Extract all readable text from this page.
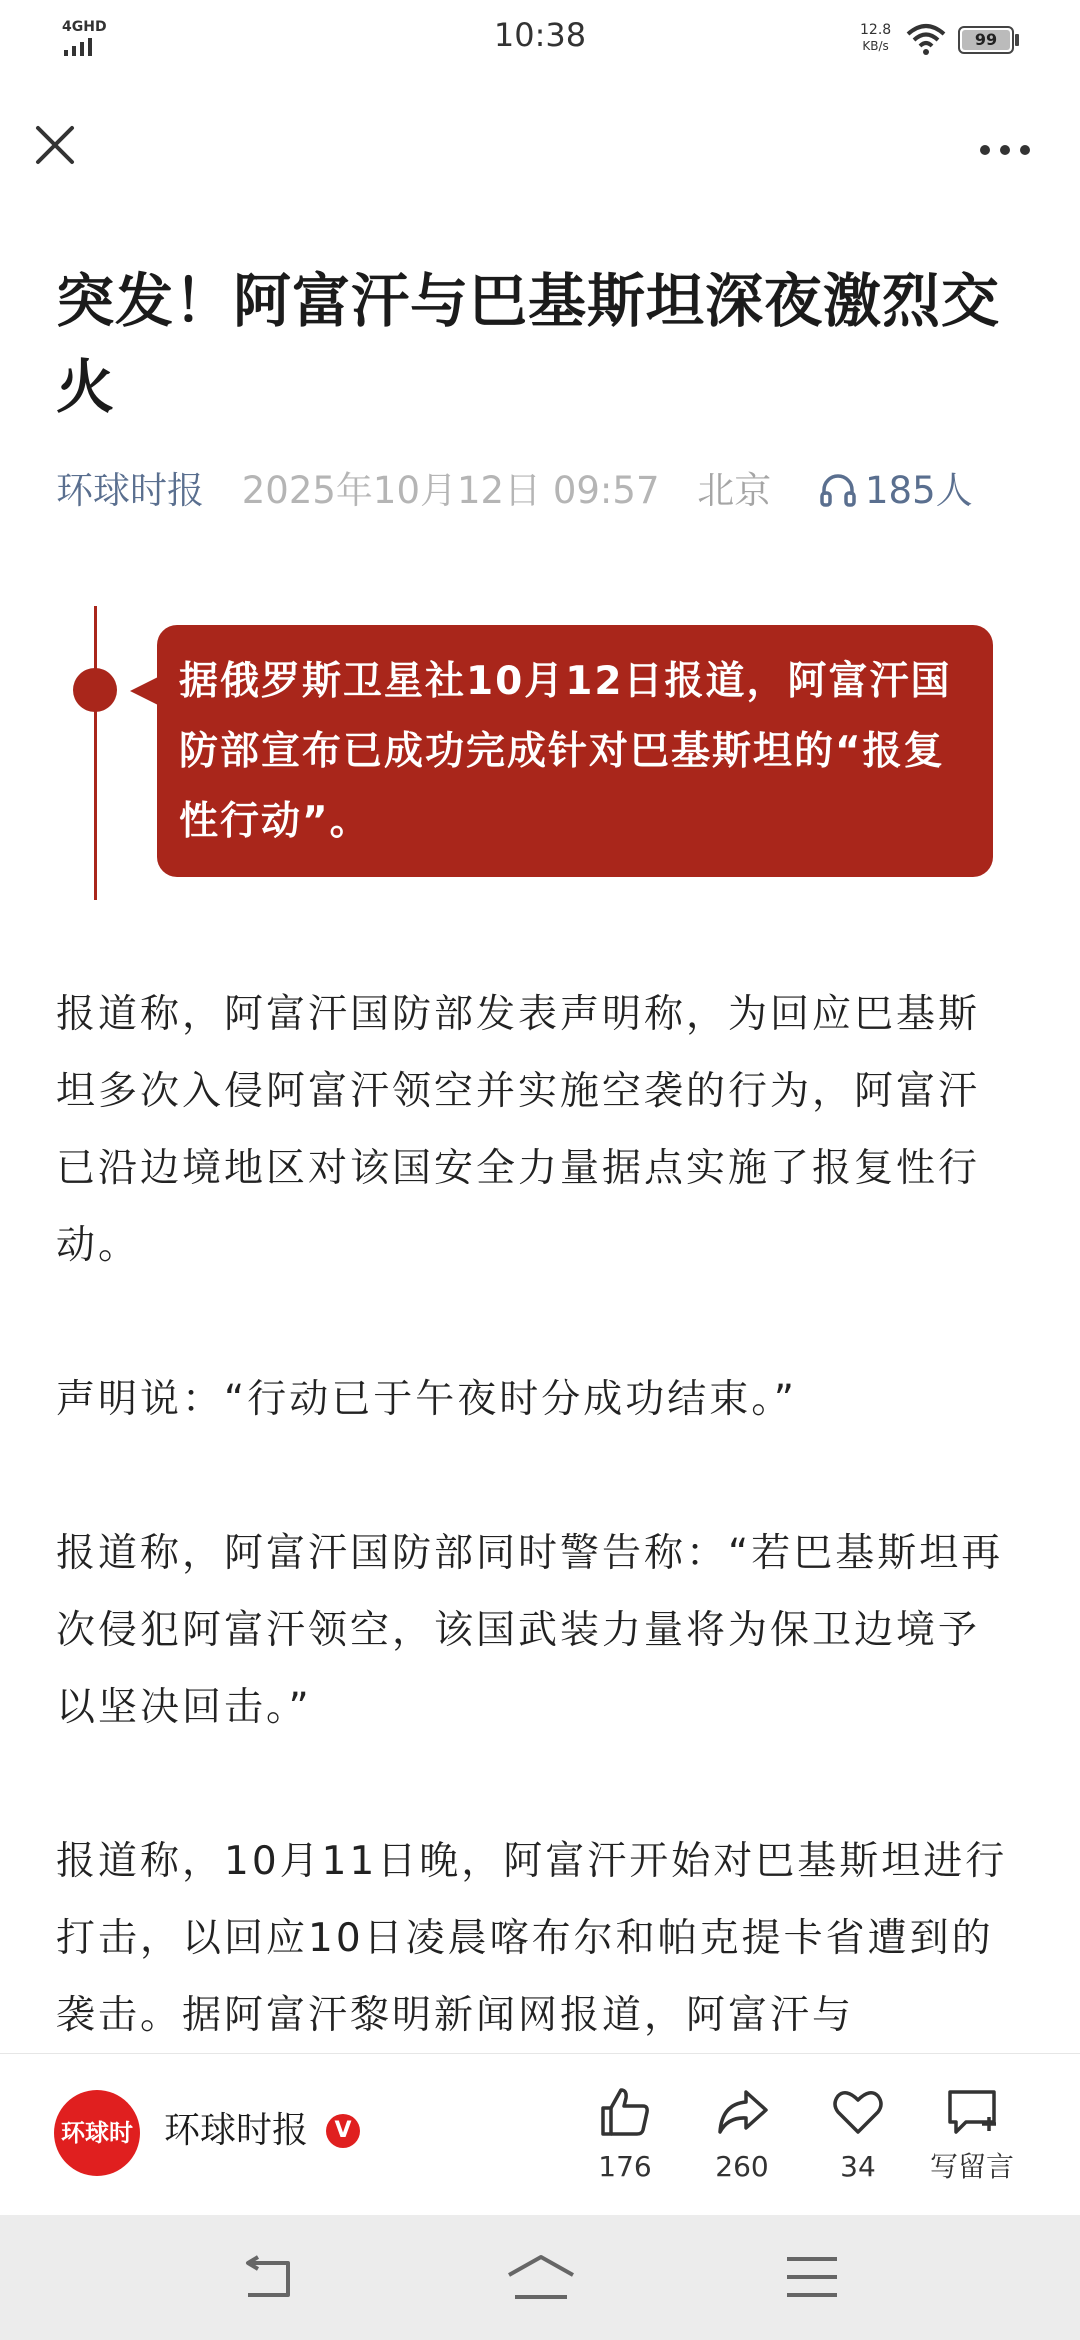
4GHD	10:38	12.8
KB/s	99
突发！阿富汗与巴基斯坦深夜激烈交火
环球时报 2025年10月12日 09:57 北京	185人
据俄罗斯卫星社10月12日报道，阿富汗国防部宣布已成功完成针对巴基斯坦的“报复性行动”。

报道称，阿富汗国防部发表声明称，为回应巴基斯坦多次入侵阿富汗领空并实施空袭的行为，阿富汗已沿边境地区对该国安全力量据点实施了报复性行动。

声明说：“行动已于午夜时分成功结束。”

报道称，阿富汗国防部同时警告称：“若巴基斯坦再次侵犯阿富汗领空，该国武装力量将为保卫边境予以坚决回击。”

报道称，10月11日晚，阿富汗开始对巴基斯坦进行打击，以回应10日凌晨喀布尔和帕克提卡省遭到的袭击。据阿富汗黎明新闻网报道，阿富汗与

环球时 环球时报	V
176	260	34	写留言
